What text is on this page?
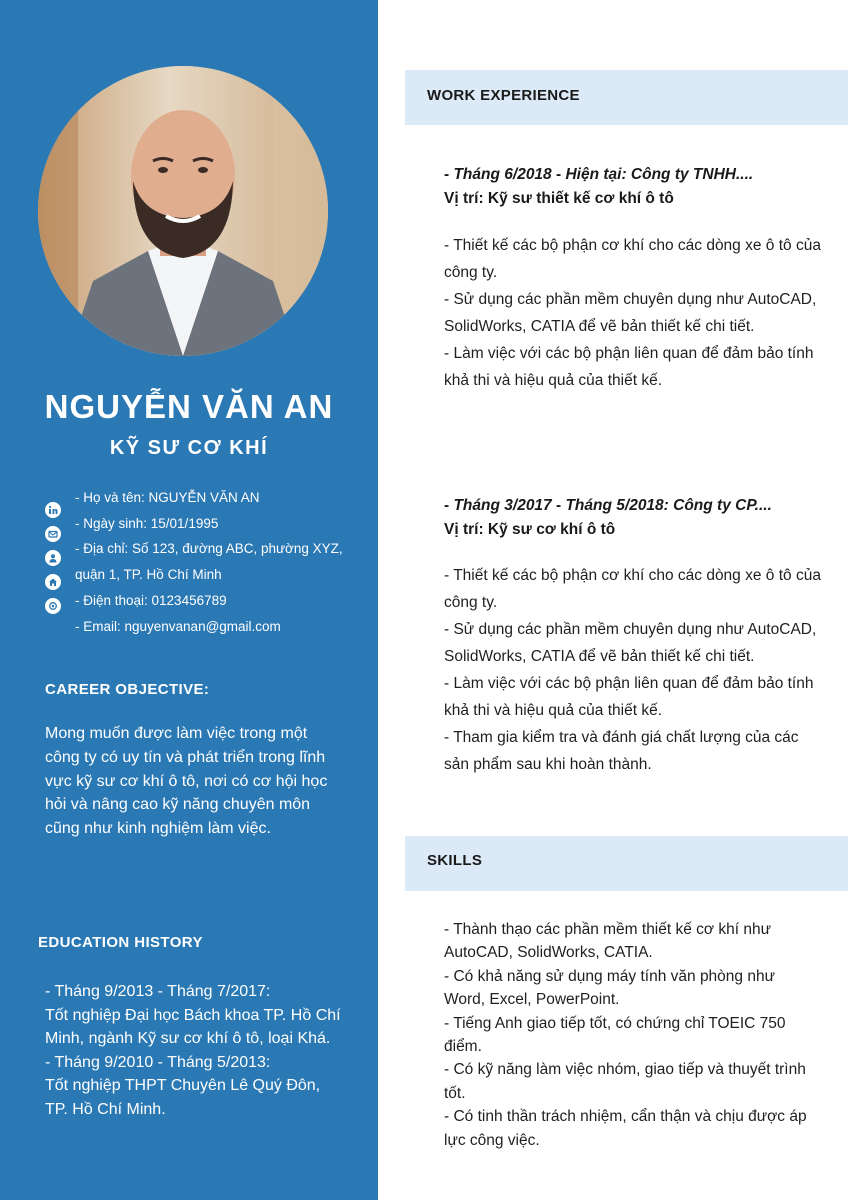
NGUYỄN VĂN AN
KỸ SƯ CƠ KHÍ
- Họ và tên: NGUYỄN VĂN AN
- Ngày sinh: 15/01/1995
- Địa chỉ: Số 123, đường ABC, phường XYZ,
quận 1, TP. Hồ Chí Minh
- Điện thoại: 0123456789
- Email: nguyenvanan@gmail.com
CAREER OBJECTIVE:
Mong muốn được làm việc trong một công ty có uy tín và phát triển trong lĩnh vực kỹ sư cơ khí ô tô, nơi có cơ hội học hỏi và nâng cao kỹ năng chuyên môn cũng như kinh nghiệm làm việc.
EDUCATION HISTORY
- Tháng 9/2013 - Tháng 7/2017:
Tốt nghiệp Đại học Bách khoa TP. Hồ Chí Minh, ngành Kỹ sư cơ khí ô tô, loại Khá.
- Tháng 9/2010 - Tháng 5/2013:
Tốt nghiệp THPT Chuyên Lê Quý Đôn, TP. Hồ Chí Minh.
WORK EXPERIENCE
- Tháng 6/2018 - Hiện tại: Công ty TNHH....
Vị trí: Kỹ sư thiết kế cơ khí ô tô
- Thiết kế các bộ phận cơ khí cho các dòng xe ô tô của công ty.
- Sử dụng các phần mềm chuyên dụng như AutoCAD, SolidWorks, CATIA để vẽ bản thiết kế chi tiết.
- Làm việc với các bộ phận liên quan để đảm bảo tính khả thi và hiệu quả của thiết kế.
- Tháng 3/2017 - Tháng 5/2018: Công ty CP....
Vị trí: Kỹ sư cơ khí ô tô
- Thiết kế các bộ phận cơ khí cho các dòng xe ô tô của công ty.
- Sử dụng các phần mềm chuyên dụng như AutoCAD, SolidWorks, CATIA để vẽ bản thiết kế chi tiết.
- Làm việc với các bộ phận liên quan để đảm bảo tính khả thi và hiệu quả của thiết kế.
- Tham gia kiểm tra và đánh giá chất lượng của các sản phẩm sau khi hoàn thành.
SKILLS
- Thành thạo các phần mềm thiết kế cơ khí như AutoCAD, SolidWorks, CATIA.
- Có khả năng sử dụng máy tính văn phòng như Word, Excel, PowerPoint.
- Tiếng Anh giao tiếp tốt, có chứng chỉ TOEIC 750 điểm.
- Có kỹ năng làm việc nhóm, giao tiếp và thuyết trình tốt.
- Có tinh thần trách nhiệm, cẩn thận và chịu được áp lực công việc.
